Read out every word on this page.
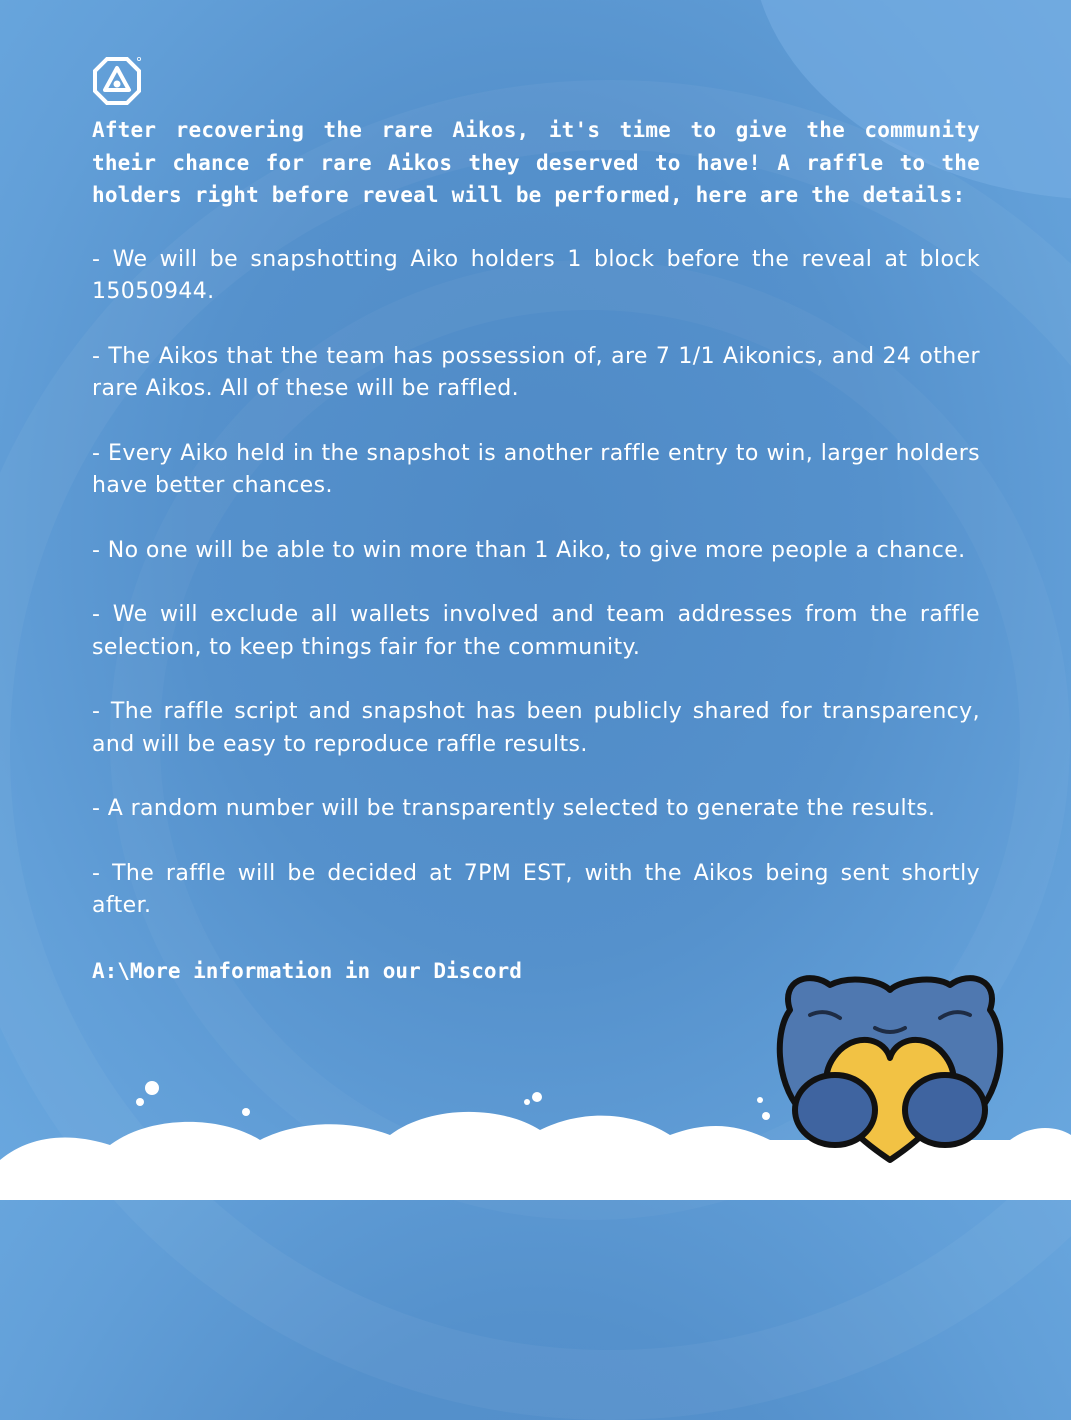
After recovering the rare Aikos, it's time to give the community their chance for rare Aikos they deserved to have! A raffle to the holders right before reveal will be performed, here are the details:

- We will be snapshotting Aiko holders 1 block before the reveal at block 15050944.

- The Aikos that the team has possession of, are 7 1/1 Aikonics, and 24 other rare Aikos. All of these will be raffled.

- Every Aiko held in the snapshot is another raffle entry to win, larger holders have better chances.

- No one will be able to win more than 1 Aiko, to give more people a chance.

- We will exclude all wallets involved and team addresses from the raffle selection, to keep things fair for the community.

- The raffle script and snapshot has been publicly shared for transparency, and will be easy to reproduce raffle results.

- A random number will be transparently selected to generate the results.

- The raffle will be decided at 7PM EST, with the Aikos being sent shortly after.

A:\More information in our Discord
